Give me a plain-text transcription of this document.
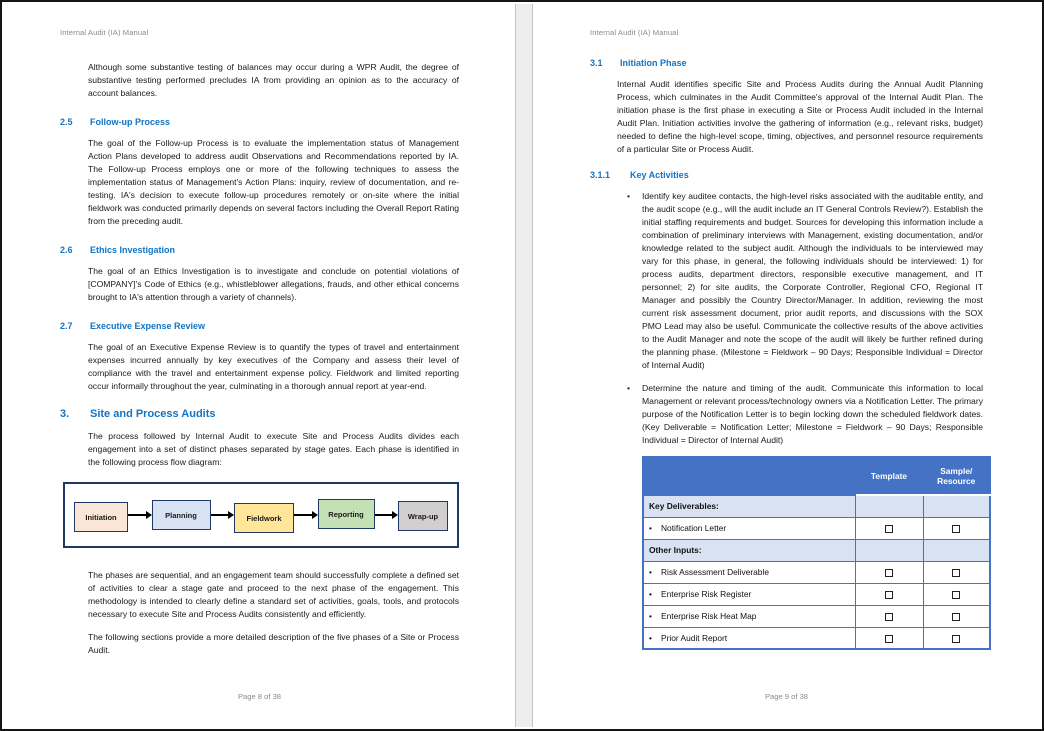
Internal Audit (IA) Manual
Although some substantive testing of balances may occur during a WPR Audit, the degree of substantive testing performed precludes IA from providing an opinion as to the accuracy of account balances.
2.5	Follow-up Process
The goal of the Follow-up Process is to evaluate the implementation status of Management Action Plans developed to address audit Observations and Recommendations reported by IA. The Follow-up Process employs one or more of the following techniques to assess the implementation status of Management's Action Plans: inquiry, review of documentation, and re-testing. IA's decision to execute follow-up procedures remotely or on-site where the initial fieldwork was conducted primarily depends on several factors including the Overall Report Rating from the preceding audit.
2.6	Ethics Investigation
The goal of an Ethics Investigation is to investigate and conclude on potential violations of [COMPANY]'s Code of Ethics (e.g., whistleblower allegations, frauds, and other ethical concerns brought to IA's attention through a variety of channels).
2.7	Executive Expense Review
The goal of an Executive Expense Review is to quantify the types of travel and entertainment expenses incurred annually by key executives of the Company and assess their level of compliance with the travel and entertainment expense policy. Fieldwork and limited reporting occur informally throughout the year, culminating in a thorough annual report at year-end.
3.	Site and Process Audits
The process followed by Internal Audit to execute Site and Process Audits divides each engagement into a set of distinct phases separated by stage gates. Each phase is identified in the following process flow diagram:
Initiation	Planning	Fieldwork	Reporting	Wrap-up
The phases are sequential, and an engagement team should successfully complete a defined set of activities to clear a stage gate and proceed to the next phase of the engagement. This methodology is intended to clearly define a standard set of activities, goals, tools, and protocols necessary to execute Site and Process Audits consistently and efficiently.
The following sections provide a more detailed description of the five phases of a Site or Process Audit.
Page 8 of 38
Internal Audit (IA) Manual
3.1	Initiation Phase
Internal Audit identifies specific Site and Process Audits during the Annual Audit Planning Process, which culminates in the Audit Committee's approval of the Internal Audit Plan. The initiation phase is the first phase in executing a Site or Process Audit included in the Internal Audit Plan. Initiation activities involve the gathering of information (e.g., relevant risks, budget) needed to define the high-level scope, timing, objectives, and personnel resource requirements of a particular Site or Process Audit.
3.1.1	Key Activities
•	Identify key auditee contacts, the high-level risks associated with the auditable entity, and the audit scope (e.g., will the audit include an IT General Controls Review?). Establish the initial staffing requirements and budget. Sources for developing this information include a combination of preliminary interviews with Management, existing documentation, and/or knowledge related to the subject audit. Although the individuals to be interviewed may vary for this phase, in general, the following individuals should be interviewed: 1) for process audits, department directors, responsible executive management, and IT personnel; 2) for site audits, the Corporate Controller, Regional CFO, Regional IT Manager and possibly the Country Director/Manager. In addition, reviewing the most current risk assessment document, prior audit reports, and discussions with the SOX PMO Lead may also be useful. Communicate the collective results of the above activities to the Audit Manager and note the scope of the audit will likely be further refined during the planning phase. (Milestone = Fieldwork – 90 Days; Responsible Individual = Director of Internal Audit)
•	Determine the nature and timing of the audit. Communicate this information to local Management or relevant process/technology owners via a Notification Letter. The primary purpose of the Notification Letter is to begin locking down the scheduled fieldwork dates. (Key Deliverable = Notification Letter; Milestone = Fieldwork – 90 Days; Responsible Individual = Director of Internal Audit)
	Template	Sample/
Resource

Key Deliverables:		
• Notification Letter		
Other Inputs:		
• Risk Assessment Deliverable		
• Enterprise Risk Register		
• Enterprise Risk Heat Map		
• Prior Audit Report		
Page 9 of 38
